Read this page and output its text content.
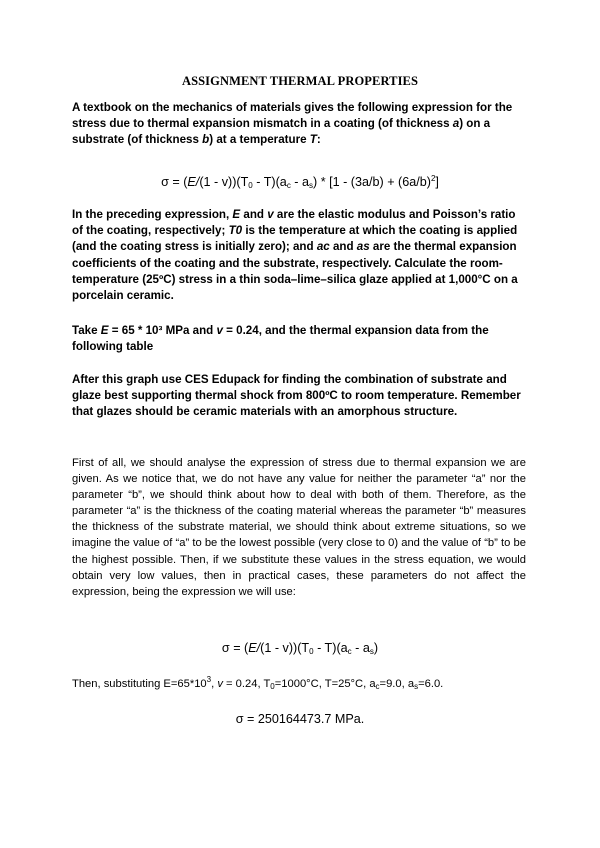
ASSIGNMENT THERMAL PROPERTIES

A textbook on the mechanics of materials gives the following expression for the stress due to thermal expansion mismatch in a coating (of thickness a) on a substrate (of thickness b) at a temperature T:

$\sigma = (E/(1 - v))(T_0 - T)(a_c - a_s) * [1 - (3a/b) + (6a/b)^2]$

In the preceding expression, E and v are the elastic modulus and Poisson’s ratio of the coating, respectively; T0 is the temperature at which the coating is applied (and the coating stress is initially zero); and ac and as are the thermal expansion coefficients of the coating and the substrate, respectively. Calculate the room-temperature (25ºC) stress in a thin soda–lime–silica glaze applied at 1,000°C on a porcelain ceramic.

Take E = 65 * 10³ MPa and v = 0.24, and the thermal expansion data from the following table

After this graph use CES Edupack for finding the combination of substrate and glaze best supporting thermal shock from 800ºC to room temperature. Remember that glazes should be ceramic materials with an amorphous structure.

First of all, we should analyse the expression of stress due to thermal expansion we are given. As we notice that, we do not have any value for neither the parameter “a” nor the parameter “b”, we should think about how to deal with both of them. Therefore, as the parameter “a” is the thickness of the coating material whereas the parameter “b” measures the thickness of the substrate material, we should think about extreme situations, so we imagine the value of “a” to be the lowest possible (very close to 0) and the value of “b” to be the highest possible. Then, if we substitute these values in the stress equation, we would obtain very low values, then in practical cases, these parameters do not affect the expression, being the expression we will use:

$\sigma = (E/(1 - v))(T_0 - T)(a_c - a_s)$
Then, substituting $E=65*10^3$, v = 0.24, $T_0=1000^\circ C$, T=25°C, $a_c=9.0$, $a_s=6.0$.
σ = 250164473.7 MPa.
